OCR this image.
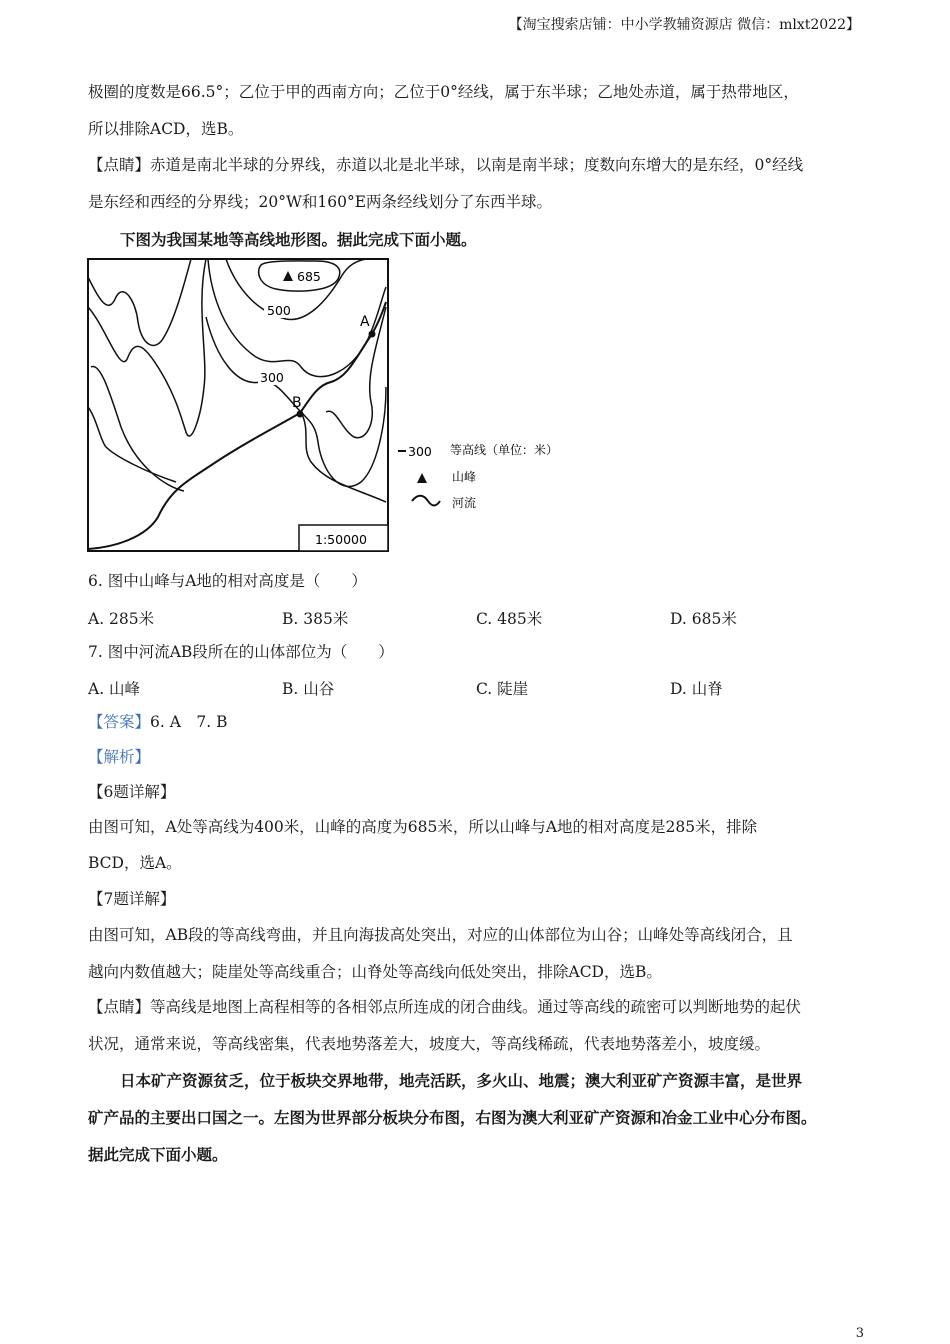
【淘宝搜索店铺：中小学教辅资源店 微信：mlxt2022】
极圈的度数是66.5°；乙位于甲的西南方向；乙位于0°经线，属于东半球；乙地处赤道，属于热带地区，
所以排除ACD，选B。
【点睛】赤道是南北半球的分界线，赤道以北是北半球，以南是南半球；度数向东增大的是东经，0°经线
是东经和西经的分界线；20°W和160°E两条经线划分了东西半球。
下图为我国某地等高线地形图。据此完成下面小题。
685
500
300
A
B
1:50000
300 等高线（单位：米）
山峰
河流
6. 图中山峰与A地的相对高度是（　　）
A. 285米	B. 385米	C. 485米	D. 685米
7. 图中河流AB段所在的山体部位为（　　）
A. 山峰	B. 山谷	C. 陡崖	D. 山脊
【答案】6. A　7. B
【解析】
【6题详解】
由图可知，A处等高线为400米，山峰的高度为685米，所以山峰与A地的相对高度是285米，排除
BCD，选A。
【7题详解】
由图可知，AB段的等高线弯曲，并且向海拔高处突出，对应的山体部位为山谷；山峰处等高线闭合，且
越向内数值越大；陡崖处等高线重合；山脊处等高线向低处突出，排除ACD，选B。
【点睛】等高线是地图上高程相等的各相邻点所连成的闭合曲线。通过等高线的疏密可以判断地势的起伏
状况，通常来说，等高线密集，代表地势落差大，坡度大，等高线稀疏，代表地势落差小，坡度缓。
日本矿产资源贫乏，位于板块交界地带，地壳活跃，多火山、地震；澳大利亚矿产资源丰富，是世界
矿产品的主要出口国之一。左图为世界部分板块分布图，右图为澳大利亚矿产资源和冶金工业中心分布图。
据此完成下面小题。
3
